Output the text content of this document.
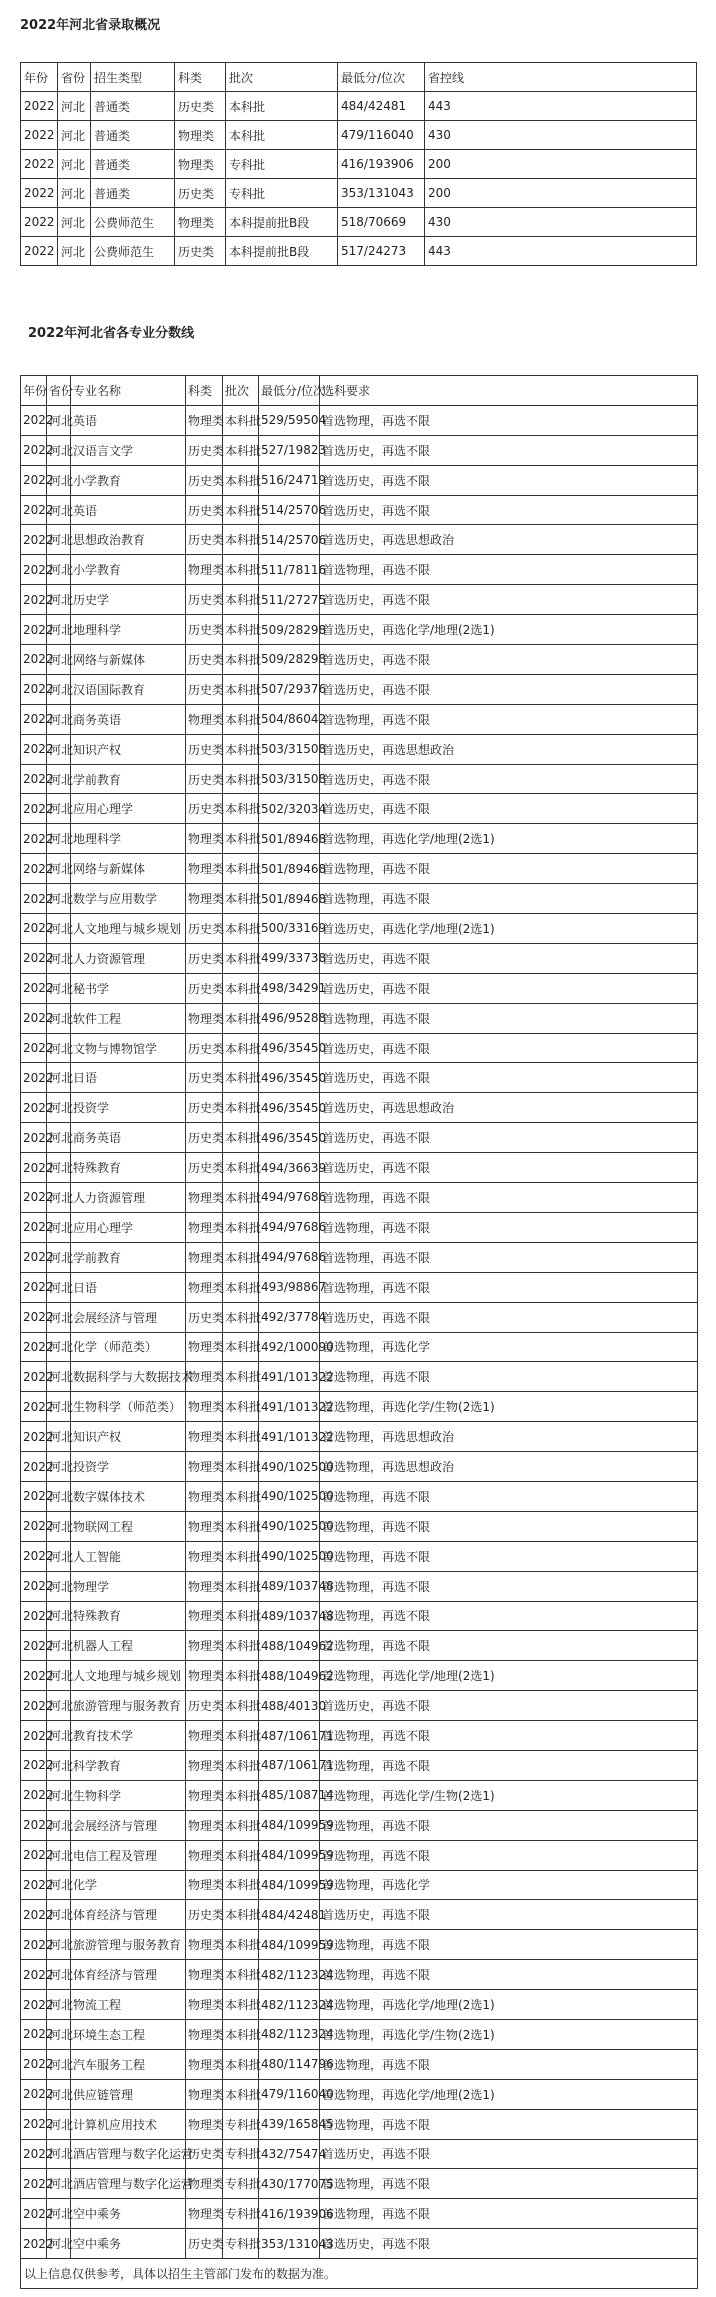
2022年河北省录取概况
年份	省份	招生类型	科类	批次	最低分/位次	省控线
2022	河北	普通类	历史类	本科批	484/42481	443
2022	河北	普通类	物理类	本科批	479/116040	430
2022	河北	普通类	物理类	专科批	416/193906	200
2022	河北	普通类	历史类	专科批	353/131043	200
2022	河北	公费师范生	物理类	本科提前批B段	518/70669	430
2022	河北	公费师范生	历史类	本科提前批B段	517/24273	443
2022年河北省各专业分数线
年份	省份	专业名称	科类	批次	最低分/位次	选科要求
2022	河北	英语	物理类	本科批	529/59504	首选物理，再选不限
2022	河北	汉语言文学	历史类	本科批	527/19823	首选历史，再选不限
2022	河北	小学教育	历史类	本科批	516/24719	首选历史，再选不限
2022	河北	英语	历史类	本科批	514/25706	首选历史，再选不限
2022	河北	思想政治教育	历史类	本科批	514/25706	首选历史，再选思想政治
2022	河北	小学教育	物理类	本科批	511/78116	首选物理，再选不限
2022	河北	历史学	历史类	本科批	511/27275	首选历史，再选不限
2022	河北	地理科学	历史类	本科批	509/28298	首选历史，再选化学/地理(2选1)
2022	河北	网络与新媒体	历史类	本科批	509/28298	首选历史，再选不限
2022	河北	汉语国际教育	历史类	本科批	507/29376	首选历史，再选不限
2022	河北	商务英语	物理类	本科批	504/86042	首选物理，再选不限
2022	河北	知识产权	历史类	本科批	503/31508	首选历史，再选思想政治
2022	河北	学前教育	历史类	本科批	503/31508	首选历史，再选不限
2022	河北	应用心理学	历史类	本科批	502/32034	首选历史，再选不限
2022	河北	地理科学	物理类	本科批	501/89468	首选物理，再选化学/地理(2选1)
2022	河北	网络与新媒体	物理类	本科批	501/89468	首选物理，再选不限
2022	河北	数学与应用数学	物理类	本科批	501/89468	首选物理，再选不限
2022	河北	人文地理与城乡规划	历史类	本科批	500/33169	首选历史，再选化学/地理(2选1)
2022	河北	人力资源管理	历史类	本科批	499/33738	首选历史，再选不限
2022	河北	秘书学	历史类	本科批	498/34291	首选历史，再选不限
2022	河北	软件工程	物理类	本科批	496/95288	首选物理，再选不限
2022	河北	文物与博物馆学	历史类	本科批	496/35450	首选历史，再选不限
2022	河北	日语	历史类	本科批	496/35450	首选历史，再选不限
2022	河北	投资学	历史类	本科批	496/35450	首选历史，再选思想政治
2022	河北	商务英语	历史类	本科批	496/35450	首选历史，再选不限
2022	河北	特殊教育	历史类	本科批	494/36639	首选历史，再选不限
2022	河北	人力资源管理	物理类	本科批	494/97686	首选物理，再选不限
2022	河北	应用心理学	物理类	本科批	494/97686	首选物理，再选不限
2022	河北	学前教育	物理类	本科批	494/97686	首选物理，再选不限
2022	河北	日语	物理类	本科批	493/98867	首选物理，再选不限
2022	河北	会展经济与管理	历史类	本科批	492/37784	首选历史，再选不限
2022	河北	化学（师范类）	物理类	本科批	492/100090	首选物理，再选化学
2022	河北	数据科学与大数据技术	物理类	本科批	491/101322	首选物理，再选不限
2022	河北	生物科学（师范类）	物理类	本科批	491/101322	首选物理，再选化学/生物(2选1)
2022	河北	知识产权	物理类	本科批	491/101322	首选物理，再选思想政治
2022	河北	投资学	物理类	本科批	490/102500	首选物理，再选思想政治
2022	河北	数字媒体技术	物理类	本科批	490/102500	首选物理，再选不限
2022	河北	物联网工程	物理类	本科批	490/102500	首选物理，再选不限
2022	河北	人工智能	物理类	本科批	490/102500	首选物理，再选不限
2022	河北	物理学	物理类	本科批	489/103748	首选物理，再选不限
2022	河北	特殊教育	物理类	本科批	489/103748	首选物理，再选不限
2022	河北	机器人工程	物理类	本科批	488/104962	首选物理，再选不限
2022	河北	人文地理与城乡规划	物理类	本科批	488/104962	首选物理，再选化学/地理(2选1)
2022	河北	旅游管理与服务教育	历史类	本科批	488/40130	首选历史，再选不限
2022	河北	教育技术学	物理类	本科批	487/106171	首选物理，再选不限
2022	河北	科学教育	物理类	本科批	487/106171	首选物理，再选不限
2022	河北	生物科学	物理类	本科批	485/108714	首选物理，再选化学/生物(2选1)
2022	河北	会展经济与管理	物理类	本科批	484/109959	首选物理，再选不限
2022	河北	电信工程及管理	物理类	本科批	484/109959	首选物理，再选不限
2022	河北	化学	物理类	本科批	484/109959	首选物理，再选化学
2022	河北	体育经济与管理	历史类	本科批	484/42481	首选历史，再选不限
2022	河北	旅游管理与服务教育	物理类	本科批	484/109959	首选物理，再选不限
2022	河北	体育经济与管理	物理类	本科批	482/112324	首选物理，再选不限
2022	河北	物流工程	物理类	本科批	482/112324	首选物理，再选化学/地理(2选1)
2022	河北	环境生态工程	物理类	本科批	482/112324	首选物理，再选化学/生物(2选1)
2022	河北	汽车服务工程	物理类	本科批	480/114796	首选物理，再选不限
2022	河北	供应链管理	物理类	本科批	479/116040	首选物理，再选化学/地理(2选1)
2022	河北	计算机应用技术	物理类	专科批	439/165845	首选物理，再选不限
2022	河北	酒店管理与数字化运营	历史类	专科批	432/75474	首选历史，再选不限
2022	河北	酒店管理与数字化运营	物理类	专科批	430/177075	首选物理，再选不限
2022	河北	空中乘务	物理类	专科批	416/193906	首选物理，再选不限
2022	河北	空中乘务	历史类	专科批	353/131043	首选历史，再选不限
以上信息仅供参考，具体以招生主管部门发布的数据为准。						
